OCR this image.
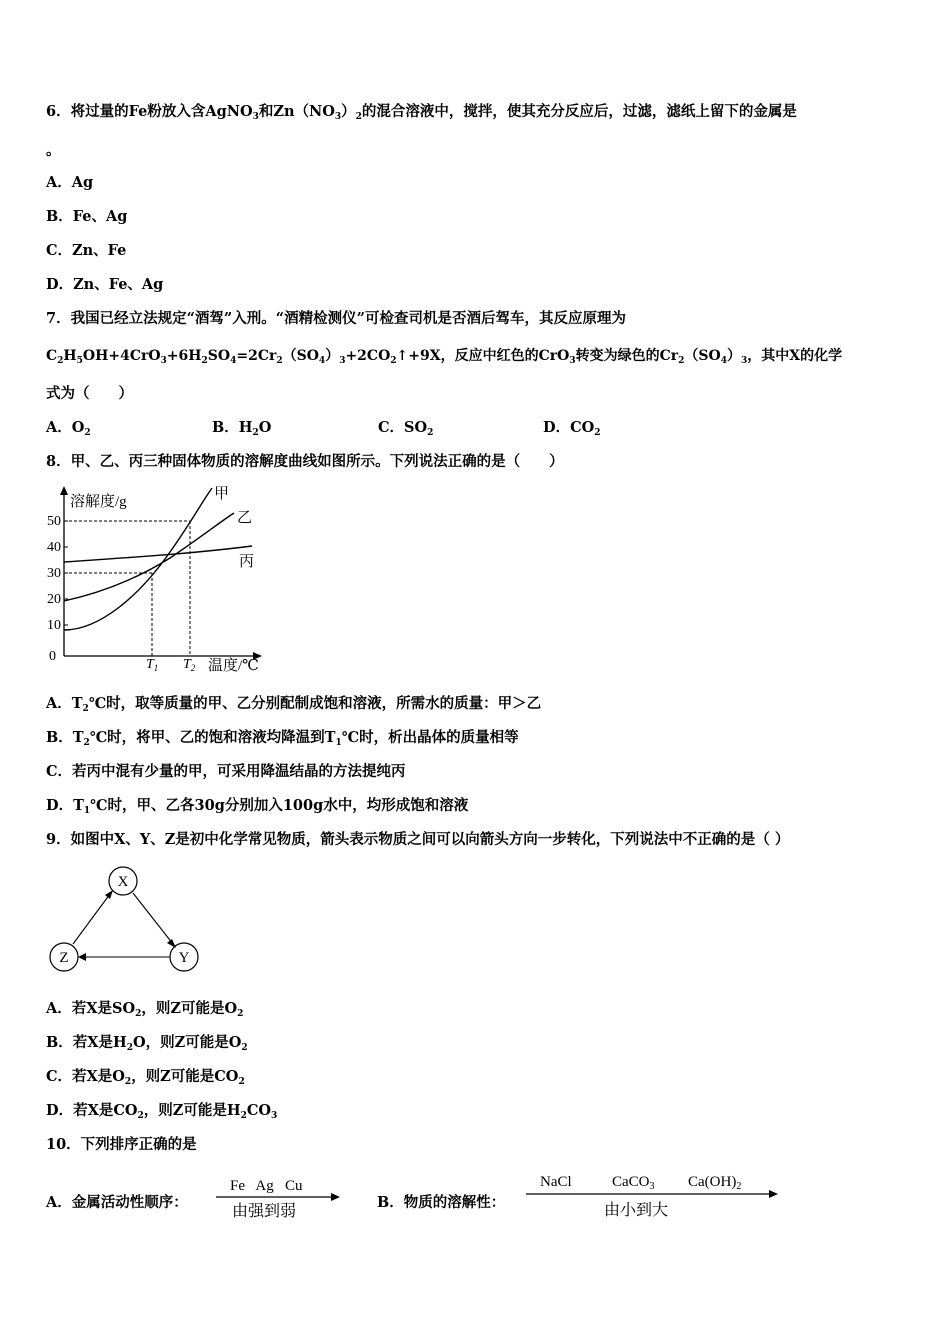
6．将过量的Fe粉放入含AgNO$_3$和$Zn(NO_3)_2$的混合溶液中，搅拌，使其充分反应后，过滤，滤纸上留下的金属是
。
A．Ag
B．Fe、Ag
C．Zn、Fe
D．Zn、Fe、Ag
7．我国已经立法规定“酒驾”入刑。“酒精检测仪”可检查司机是否酒后驾车，其反应原理为
$C_2H_5OH+4CrO_3+6H_2SO_4=2Cr_2(SO_4)_3+2CO_2↑+9X$，反应中红色的CrO$_3$转变为绿色的$Cr_2(SO_4)_3$，其中X的化学
式为（　　）
A．$O_2$	B．$H_2O$	C．$SO_2$	D．$CO_2$
8．甲、乙、丙三种固体物质的溶解度曲线如图所示。下列说法正确的是（　　）
溶解度/g
温度/℃
0
50
40
30
20
10
甲
乙
丙
$T_1$ $T_2$
A．$T_2℃$时，取等质量的甲、乙分别配制成饱和溶液，所需水的质量：甲＞乙
B．$T_2℃$时，将甲、乙的饱和溶液均降温到$T_1℃$时，析出晶体的质量相等
C．若丙中混有少量的甲，可采用降温结晶的方法提纯丙
D．$T_1℃$时，甲、乙各30g分别加入100g水中，均形成饱和溶液
9．如图中X、Y、Z是初中化学常见物质，箭头表示物质之间可以向箭头方向一步转化，下列说法中不正确的是（ ）
X
Y
Z
A．若X是$SO_2$，则Z可能是$O_2$
B．若X是$H_2O$，则Z可能是$O_2$
C．若X是$O_2$，则Z可能是$CO_2$
D．若X是$CO_2$，则Z可能是$H_2CO_3$
10．下列排序正确的是
A．金属活动性顺序：
Fe   Ag   Cu
由强到弱	B．物质的溶解性：
NaCl	CaCO$_3$ $Ca(OH)_2$
由小到大
